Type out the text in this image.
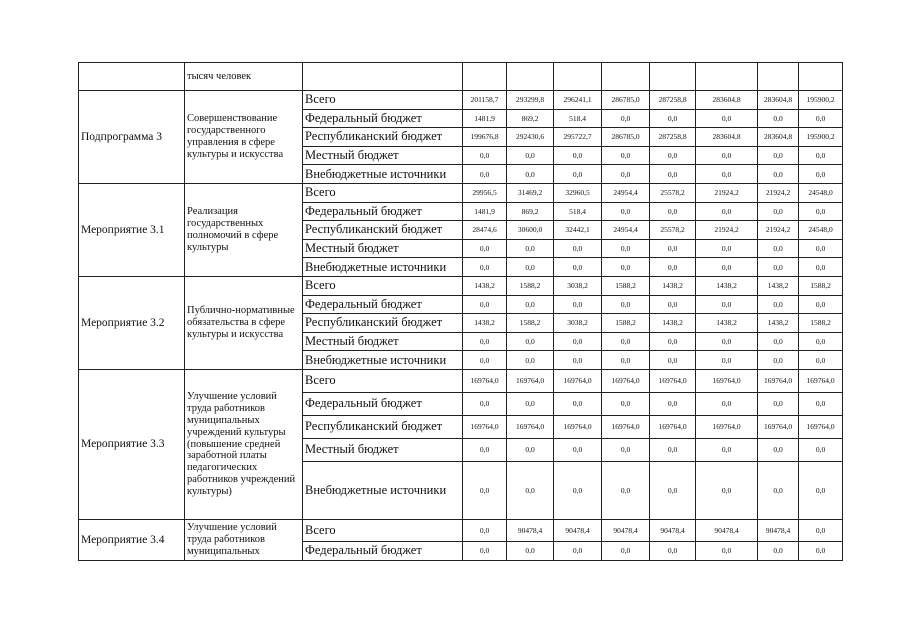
	тысяч человек									
Подпрограмма 3	Совершенствование государственного управления в сфере культуры и искусства	Всего	201158,7	293299,8	296241,1	286785,0	287258,8	283604,8	283604,8	195900,2
		Федеральный бюджет	1481,9	869,2	518,4	0,0	0,0	0,0	0,0	0,0
		Республиканский бюджет	199676,8	292430,6	295722,7	286785,0	287258,8	283604,8	283604,8	195900,2
		Местный бюджет	0,0	0,0	0,0	0,0	0,0	0,0	0,0	0,0
		Внебюджетные источники	0,0	0,0	0,0	0,0	0,0	0,0	0,0	0,0
Мероприятие 3.1	Реализация государственных полномочий в сфере культуры	Всего	29956,5	31469,2	32960,5	24954,4	25578,2	21924,2	21924,2	24548,0
		Федеральный бюджет	1481,9	869,2	518,4	0,0	0,0	0,0	0,0	0,0
		Республиканский бюджет	28474,6	30600,0	32442,1	24954,4	25578,2	21924,2	21924,2	24548,0
		Местный бюджет	0,0	0,0	0,0	0,0	0,0	0,0	0,0	0,0
		Внебюджетные источники	0,0	0,0	0,0	0,0	0,0	0,0	0,0	0,0
Мероприятие 3.2	Публично-нормативные обязательства в сфере культуры и искусства	Всего	1438,2	1588,2	3038,2	1588,2	1438,2	1438,2	1438,2	1588,2
		Федеральный бюджет	0,0	0,0	0,0	0,0	0,0	0,0	0,0	0,0
		Республиканский бюджет	1438,2	1588,2	3038,2	1588,2	1438,2	1438,2	1438,2	1588,2
		Местный бюджет	0,0	0,0	0,0	0,0	0,0	0,0	0,0	0,0
		Внебюджетные источники	0,0	0,0	0,0	0,0	0,0	0,0	0,0	0,0
Мероприятие 3.3	Улучшение условий труда работников муниципальных учреждений культуры (повышение средней заработной платы педагогических работников учреждений культуры)	Всего	169764,0	169764,0	169764,0	169764,0	169764,0	169764,0	169764,0	169764,0
		Федеральный бюджет	0,0	0,0	0,0	0,0	0,0	0,0	0,0	0,0
		Республиканский бюджет	169764,0	169764,0	169764,0	169764,0	169764,0	169764,0	169764,0	169764,0
		Местный бюджет	0,0	0,0	0,0	0,0	0,0	0,0	0,0	0,0
		Внебюджетные источники	0,0	0,0	0,0	0,0	0,0	0,0	0,0	0,0
Мероприятие 3.4	Улучшение условий труда работников муниципальных	Всего	0,0	90478,4	90478,4	90478,4	90478,4	90478,4	90478,4	0,0
		Федеральный бюджет	0,0	0,0	0,0	0,0	0,0	0,0	0,0	0,0
